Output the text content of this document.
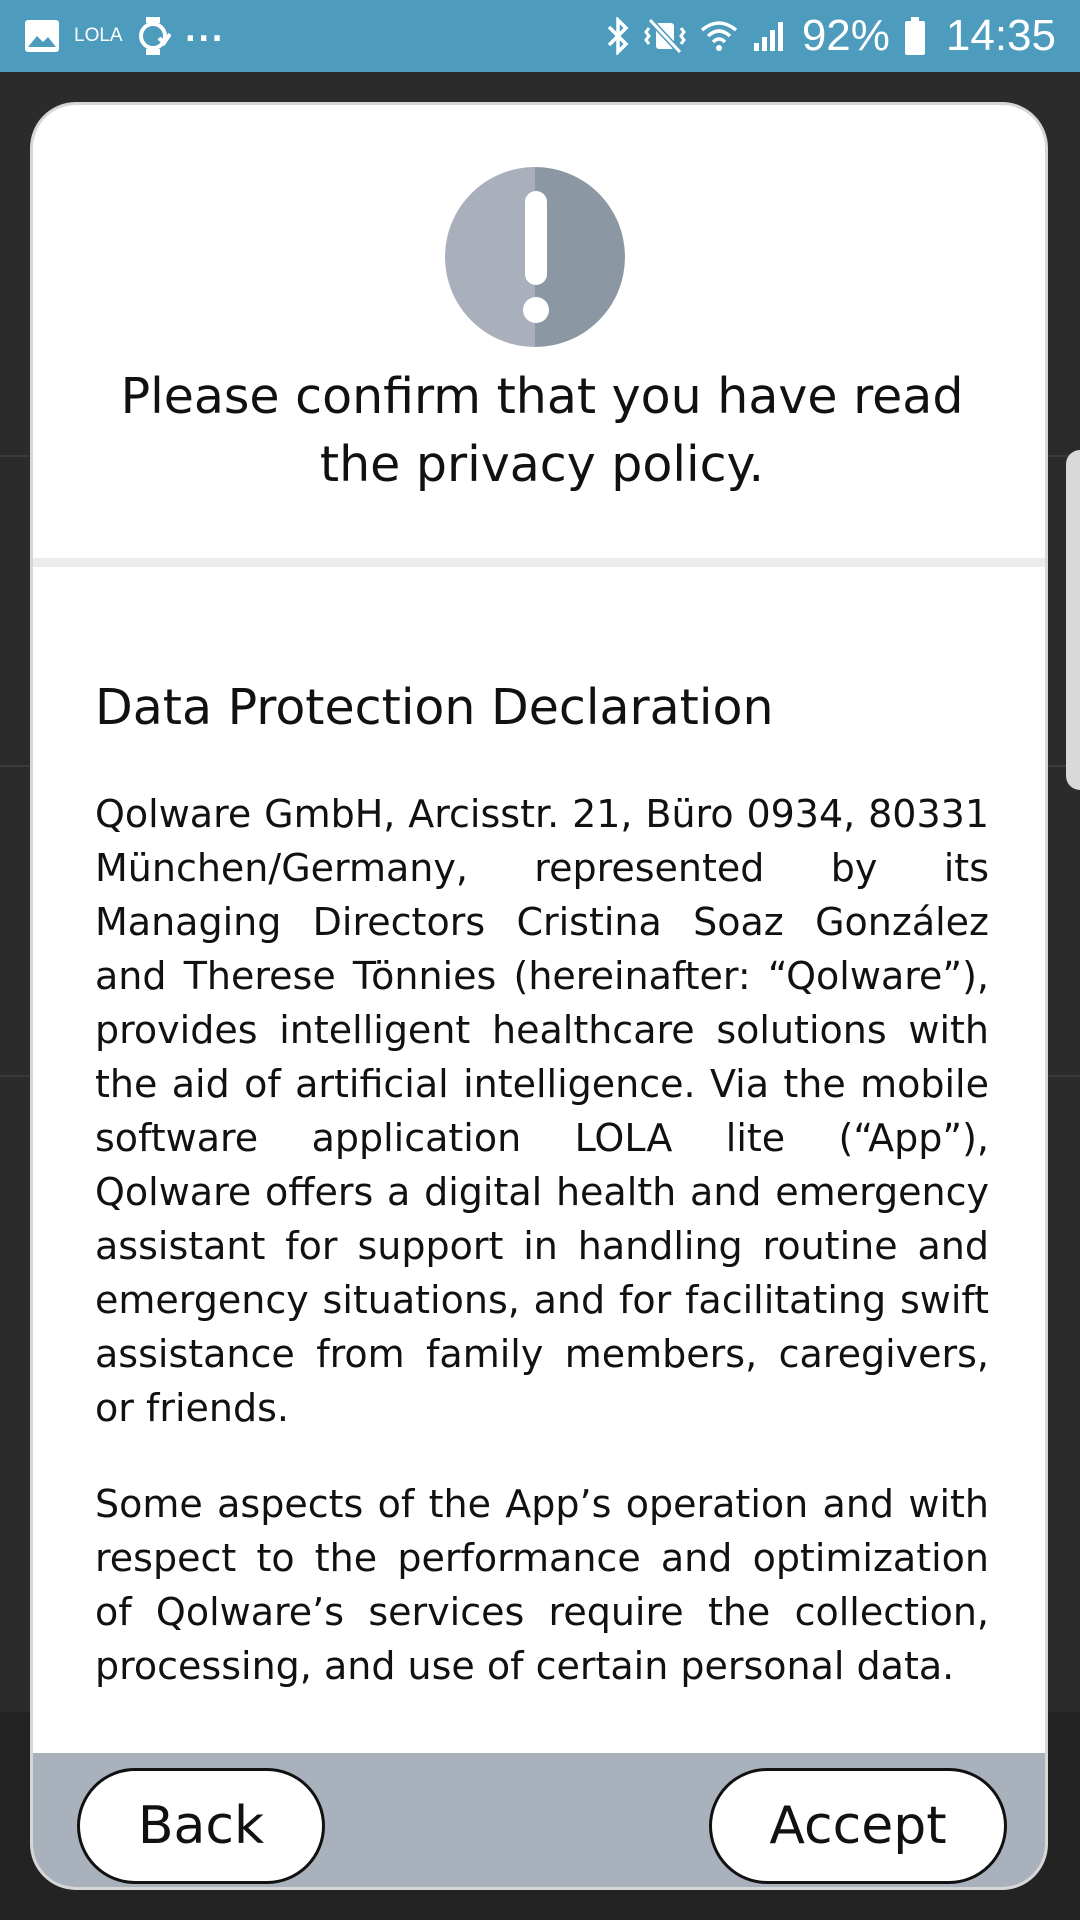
LOLA ...	92% 14:35
Please confirm that you have read the privacy policy.
Data Protection Declaration

Qolware GmbH, Arcisstr. 21, Büro 0934, 80331 München/Germany, represented by its Managing Directors Cristina Soaz González and Therese Tönnies (hereinafter: “Qolware”), provides intelligent healthcare solutions with the aid of artificial intelligence. Via the mobile software application LOLA lite (“App”), Qolware offers a digital health and emergency assistant for support in handling routine and emergency situations, and for facilitating swift assistance from family members, caregivers, or friends.

Some aspects of the App’s operation and with respect to the performance and optimization of Qolware’s services require the collection, processing, and use of certain personal data.

Back	Accept
